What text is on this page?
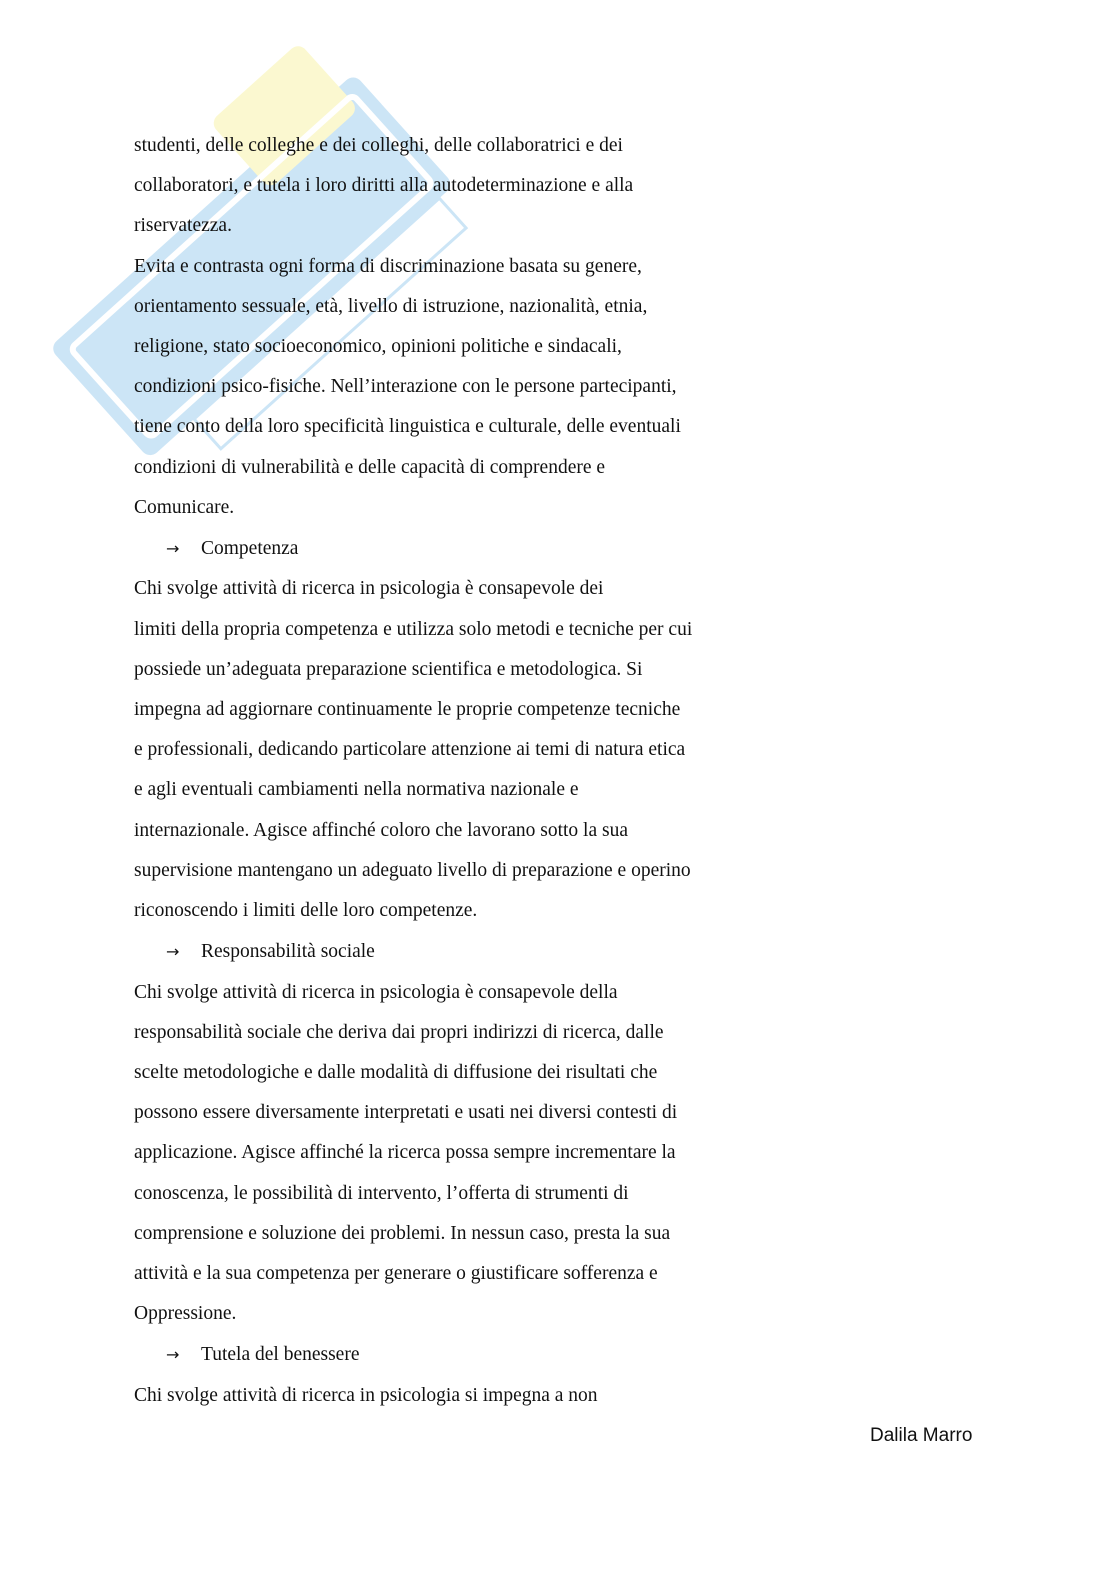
studenti, delle colleghe e dei colleghi, delle collaboratrici e dei
collaboratori, e tutela i loro diritti alla autodeterminazione e alla
riservatezza.
Evita e contrasta ogni forma di discriminazione basata su genere,
orientamento sessuale, età, livello di istruzione, nazionalità, etnia,
religione, stato socioeconomico, opinioni politiche e sindacali,
condizioni psico-fisiche. Nell’interazione con le persone partecipanti,
tiene conto della loro specificità linguistica e culturale, delle eventuali
condizioni di vulnerabilità e delle capacità di comprendere e
Comunicare.
→ Competenza
Chi svolge attività di ricerca in psicologia è consapevole dei
limiti della propria competenza e utilizza solo metodi e tecniche per cui
possiede un’adeguata preparazione scientifica e metodologica. Si
impegna ad aggiornare continuamente le proprie competenze tecniche
e professionali, dedicando particolare attenzione ai temi di natura etica
e agli eventuali cambiamenti nella normativa nazionale e
internazionale. Agisce affinché coloro che lavorano sotto la sua
supervisione mantengano un adeguato livello di preparazione e operino
riconoscendo i limiti delle loro competenze.
→ Responsabilità sociale
Chi svolge attività di ricerca in psicologia è consapevole della
responsabilità sociale che deriva dai propri indirizzi di ricerca, dalle
scelte metodologiche e dalle modalità di diffusione dei risultati che
possono essere diversamente interpretati e usati nei diversi contesti di
applicazione. Agisce affinché la ricerca possa sempre incrementare la
conoscenza, le possibilità di intervento, l’offerta di strumenti di
comprensione e soluzione dei problemi. In nessun caso, presta la sua
attività e la sua competenza per generare o giustificare sofferenza e
Oppressione.
→ Tutela del benessere
Chi svolge attività di ricerca in psicologia si impegna a non
Dalila Marro
